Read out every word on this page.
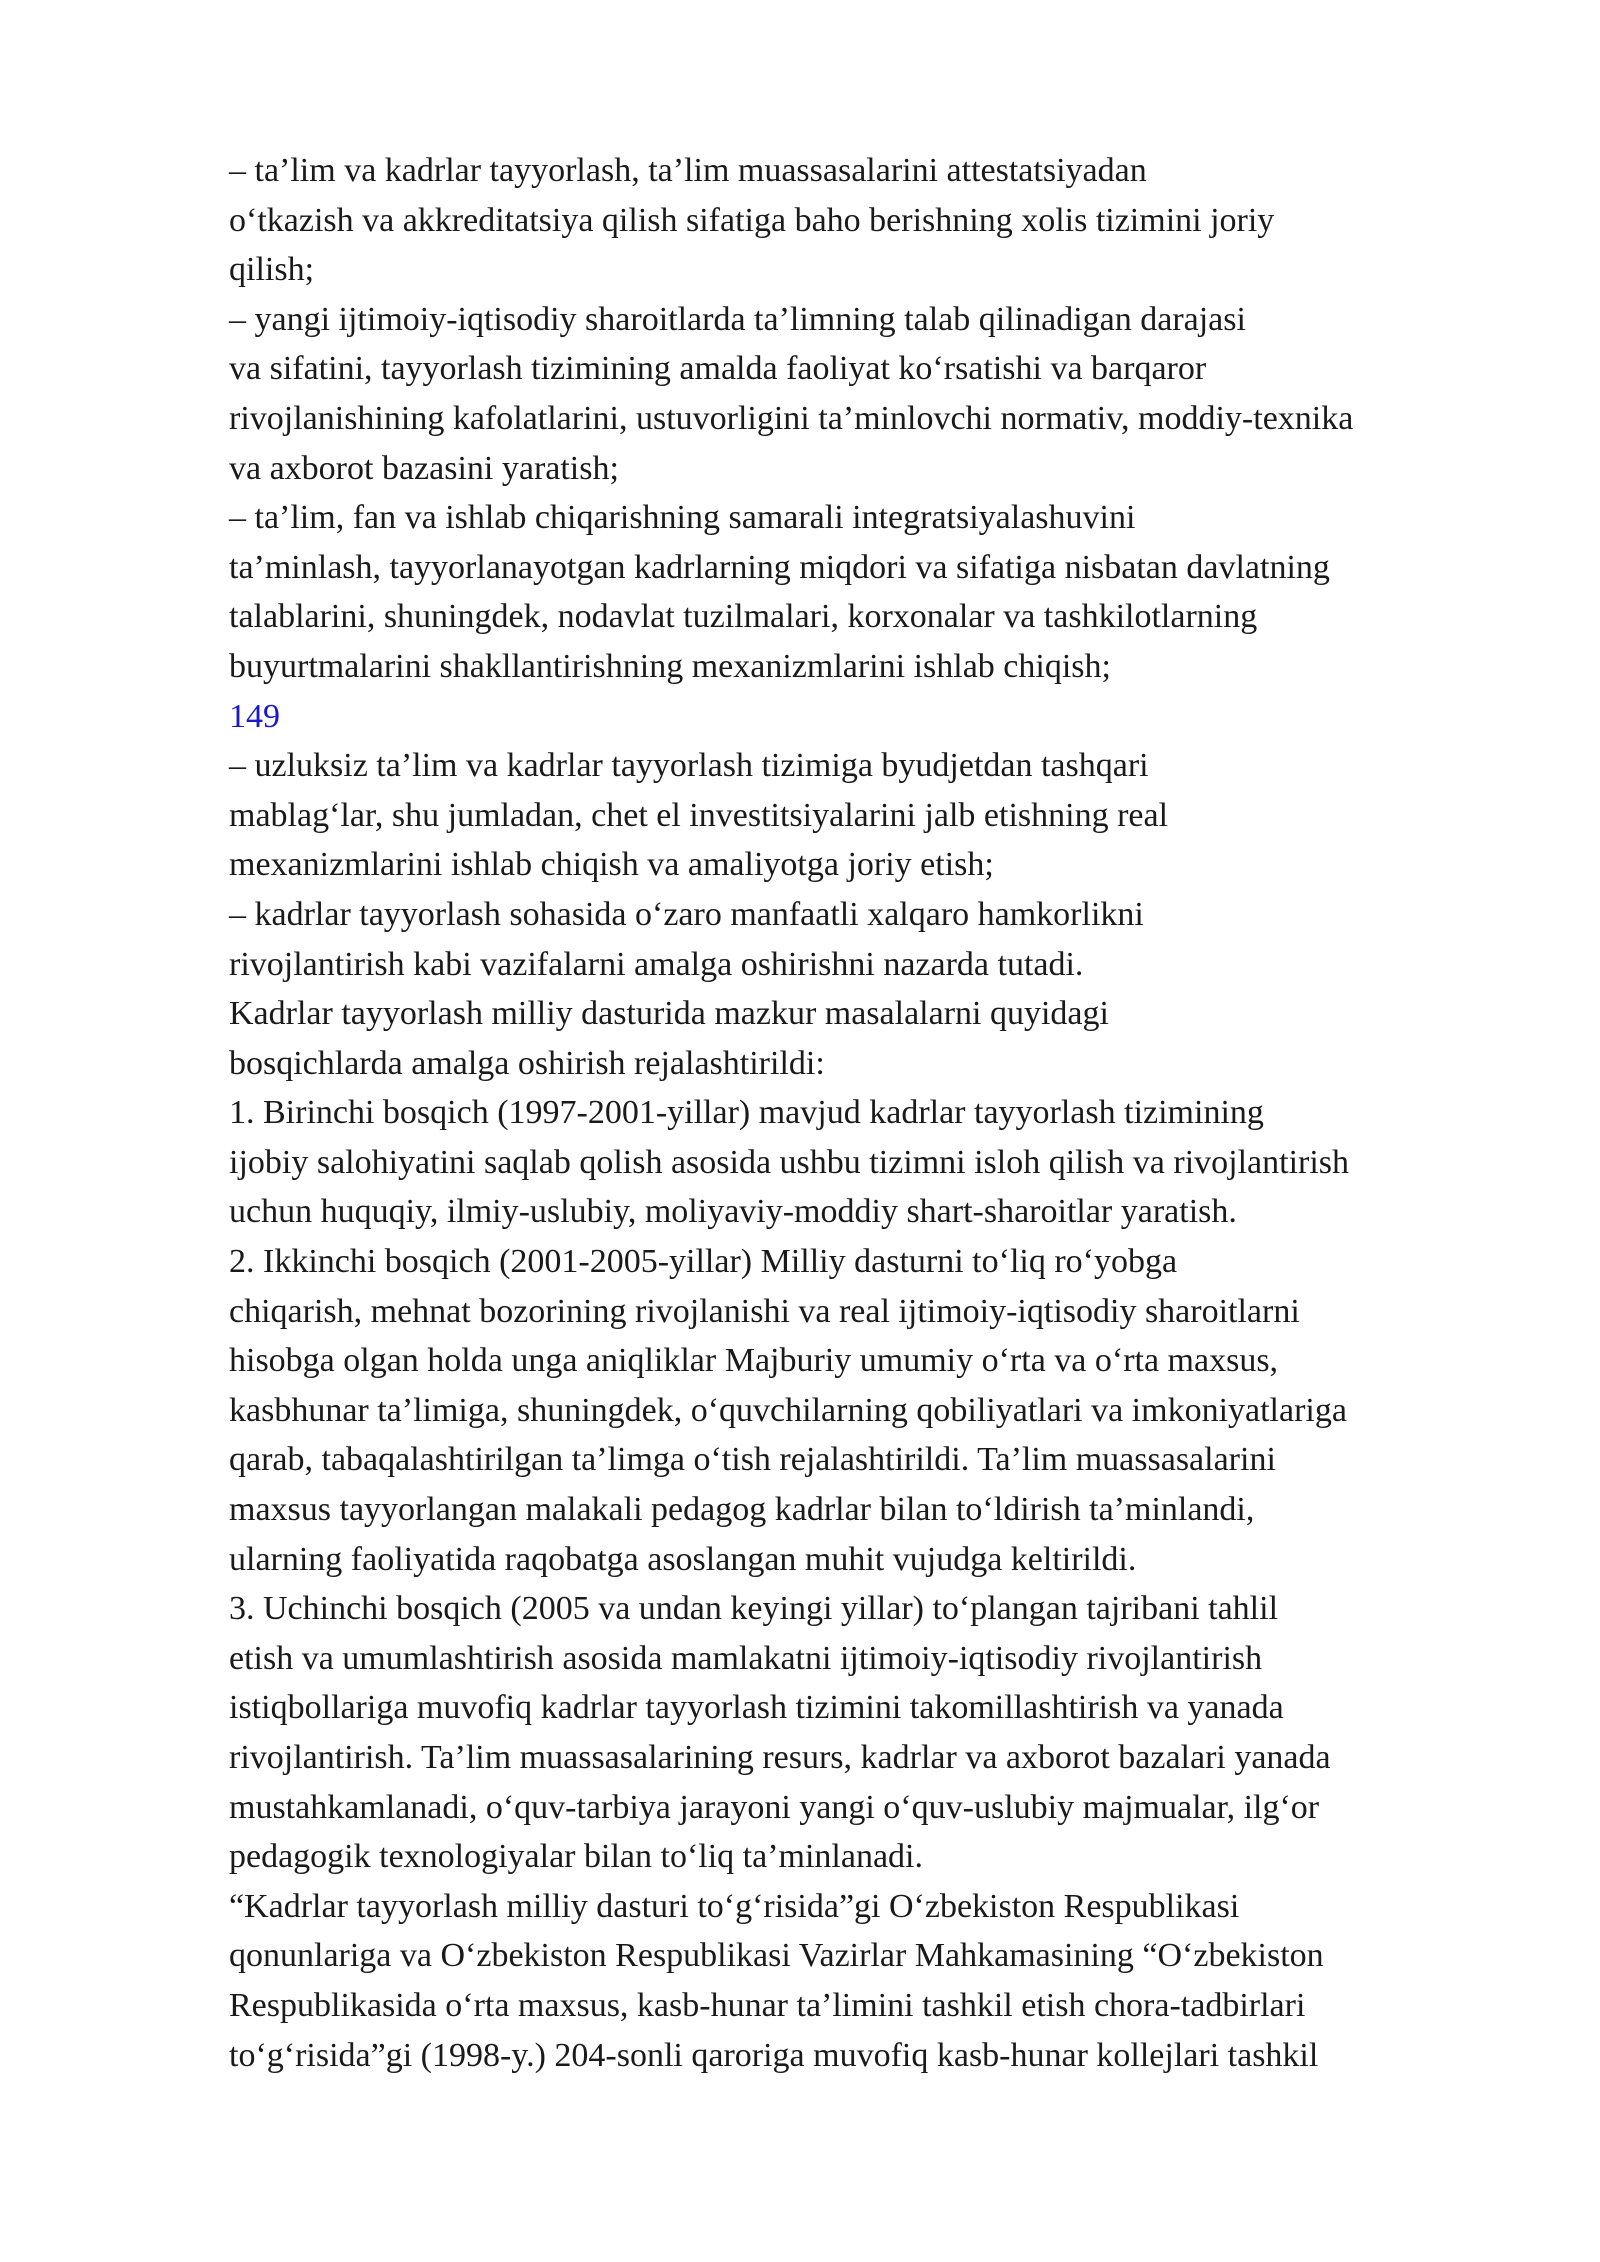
– ta’lim va kadrlar tayyorlash, ta’lim muassasalarini attestatsiyadan
o‘tkazish va akkreditatsiya qilish sifatiga baho berishning xolis tizimini joriy
qilish;
– yangi ijtimoiy-iqtisodiy sharoitlarda ta’limning talab qilinadigan darajasi
va sifatini, tayyorlash tizimining amalda faoliyat ko‘rsatishi va barqaror
rivojlanishining kafolatlarini, ustuvorligini ta’minlovchi normativ, moddiy-texnika
va axborot bazasini yaratish;
– ta’lim, fan va ishlab chiqarishning samarali integratsiyalashuvini
ta’minlash, tayyorlanayotgan kadrlarning miqdori va sifatiga nisbatan davlatning
talablarini, shuningdek, nodavlat tuzilmalari, korxonalar va tashkilotlarning
buyurtmalarini shakllantirishning mexanizmlarini ishlab chiqish;
149
– uzluksiz ta’lim va kadrlar tayyorlash tizimiga byudjetdan tashqari
mablag‘lar, shu jumladan, chet el investitsiyalarini jalb etishning real
mexanizmlarini ishlab chiqish va amaliyotga joriy etish;
– kadrlar tayyorlash sohasida o‘zaro manfaatli xalqaro hamkorlikni
rivojlantirish kabi vazifalarni amalga oshirishni nazarda tutadi.
Kadrlar tayyorlash milliy dasturida mazkur masalalarni quyidagi
bosqichlarda amalga oshirish rejalashtirildi:
1. Birinchi bosqich (1997-2001-yillar) mavjud kadrlar tayyorlash tizimining
ijobiy salohiyatini saqlab qolish asosida ushbu tizimni isloh qilish va rivojlantirish
uchun huquqiy, ilmiy-uslubiy, moliyaviy-moddiy shart-sharoitlar yaratish.
2. Ikkinchi bosqich (2001-2005-yillar) Milliy dasturni to‘liq ro‘yobga
chiqarish, mehnat bozorining rivojlanishi va real ijtimoiy-iqtisodiy sharoitlarni
hisobga olgan holda unga aniqliklar Majburiy umumiy o‘rta va o‘rta maxsus,
kasbhunar ta’limiga, shuningdek, o‘quvchilarning qobiliyatlari va imkoniyatlariga
qarab, tabaqalashtirilgan ta’limga o‘tish rejalashtirildi. Ta’lim muassasalarini
maxsus tayyorlangan malakali pedagog kadrlar bilan to‘ldirish ta’minlandi,
ularning faoliyatida raqobatga asoslangan muhit vujudga keltirildi.
3. Uchinchi bosqich (2005 va undan keyingi yillar) to‘plangan tajribani tahlil
etish va umumlashtirish asosida mamlakatni ijtimoiy-iqtisodiy rivojlantirish
istiqbollariga muvofiq kadrlar tayyorlash tizimini takomillashtirish va yanada
rivojlantirish. Ta’lim muassasalarining resurs, kadrlar va axborot bazalari yanada
mustahkamlanadi, o‘quv-tarbiya jarayoni yangi o‘quv-uslubiy majmualar, ilg‘or
pedagogik texnologiyalar bilan to‘liq ta’minlanadi.
“Kadrlar tayyorlash milliy dasturi to‘g‘risida”gi O‘zbekiston Respublikasi
qonunlariga va O‘zbekiston Respublikasi Vazirlar Mahkamasining “O‘zbekiston
Respublikasida o‘rta maxsus, kasb-hunar ta’limini tashkil etish chora-tadbirlari
to‘g‘risida”gi (1998-y.) 204-sonli qaroriga muvofiq kasb-hunar kollejlari tashkil
